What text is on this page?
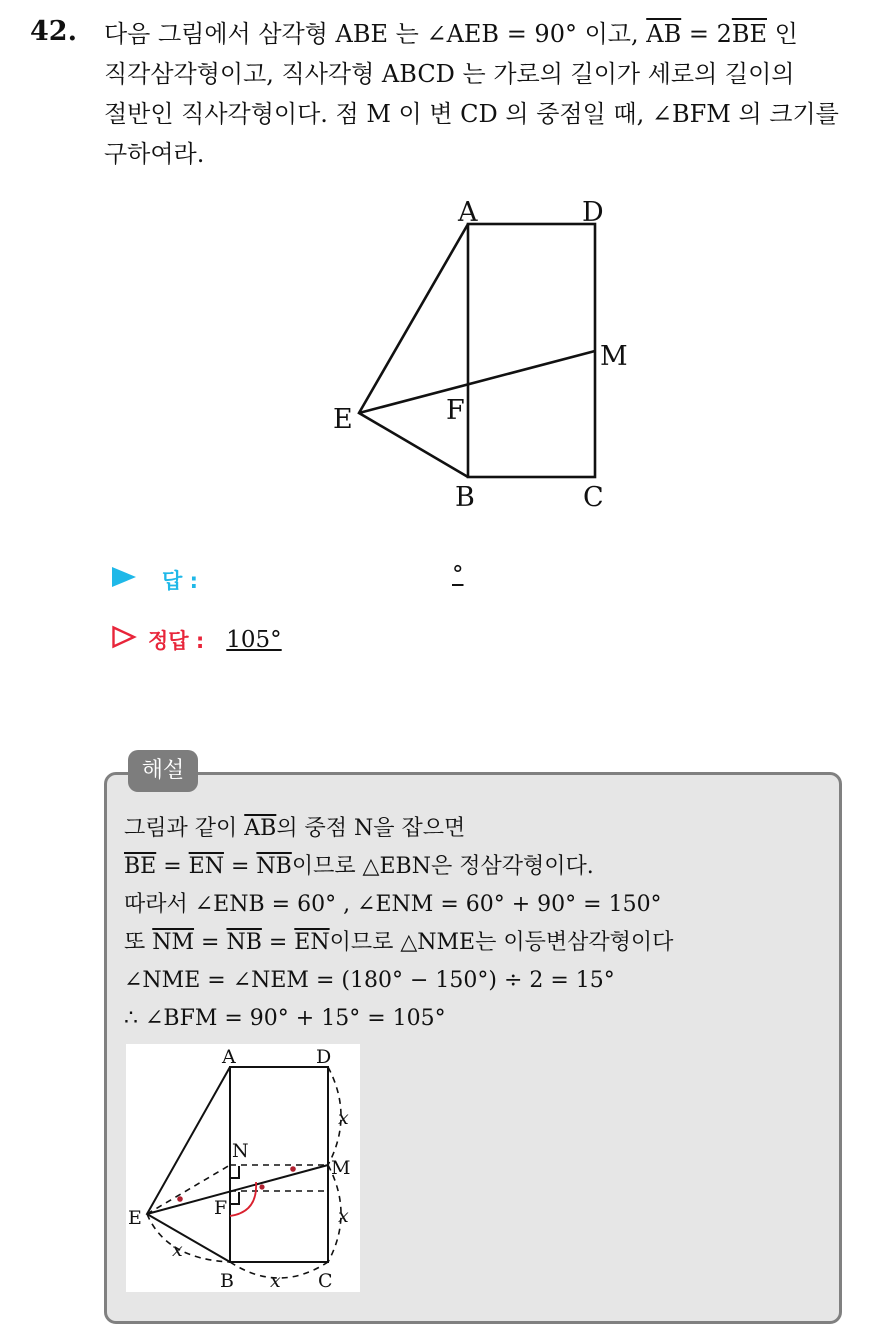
42. 다음 그림에서 삼각형 ABE 는 ∠AEB = 90° 이고, $\overline{AB} = 2\overline{BE}$ 인
직각삼각형이고, 직사각형 ABCD 는 가로의 길이가 세로의 길이의
절반인 직사각형이다. 점 M 이 변 CD 의 중점일 때, ∠BFM 의 크기를
구하여라.
A	D
M
E	F
B	C
답 :	°
정답 : 105°
해설
그림과 같이 $\overline{AB}$의 중점 N을 잡으면
$\overline{BE} = \overline{EN} = \overline{NB}$이므로 △EBN은 정삼각형이다.
따라서 ∠ENB = 60° , ∠ENM = 60° + 90° = 150°
또 $\overline{NM} = \overline{NB} = \overline{EN}$이므로 △NME는 이등변삼각형이다
∠NME = ∠NEM = (180° − 150°) ÷ 2 = 15°
∴ ∠BFM = 90° + 15° = 105°
A	D
N
M
E	F
B	C
x
x
x
x
